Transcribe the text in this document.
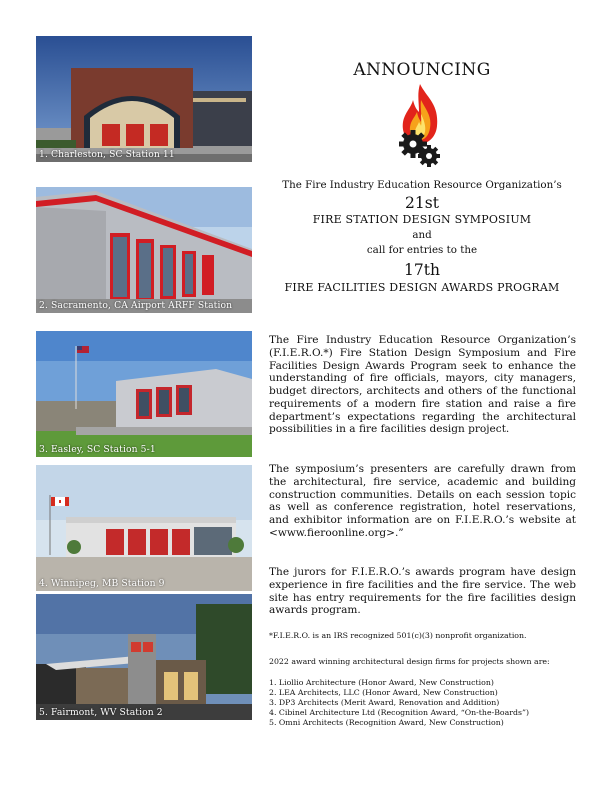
1. Charleston, SC Station 11
2. Sacramento, CA Airport ARFF Station
3. Easley, SC Station 5-1
4. Winnipeg, MB Station 9
5. Fairmont, WV Station 2
ANNOUNCING
The Fire Industry Education Resource Organization’s
21st
FIRE STATION DESIGN SYMPOSIUM
and
call for entries to the
17th
FIRE FACILITIES DESIGN AWARDS PROGRAM

The Fire Industry Education Resource Organization’s (F.I.E.R.O.*) Fire Station Design Symposium and Fire Facilities Design Awards Program seek to enhance the understanding of fire officials, mayors, city managers, budget directors, architects and others of the functional requirements of a modern fire station and raise a fire department’s expectations regarding the architectural possibilities in a fire facilities design project.

The symposium’s presenters are carefully drawn from the architectural, fire service, academic and building construction communities. Details on each session topic as well as conference registration, hotel reservations, and exhibitor information are on F.I.E.R.O.’s website at <www.fieroonline.org>.”

The jurors for F.I.E.R.O.’s awards program have design experience in fire facilities and the fire service. The web site has entry requirements for the fire facilities design awards program.

*F.I.E.R.O. is an IRS recognized 501(c)(3) nonprofit organization.

2022 award winning architectural design firms for projects shown are:

1. Liollio Architecture (Honor Award, New Construction)
2. LEA Architects, LLC (Honor Award, New Construction)
3. DP3 Architects (Merit Award, Renovation and Addition)
4. Cibinel Architecture Ltd (Recognition Award, “On-the-Boards”)
5. Omni Architects (Recognition Award, New Construction)
